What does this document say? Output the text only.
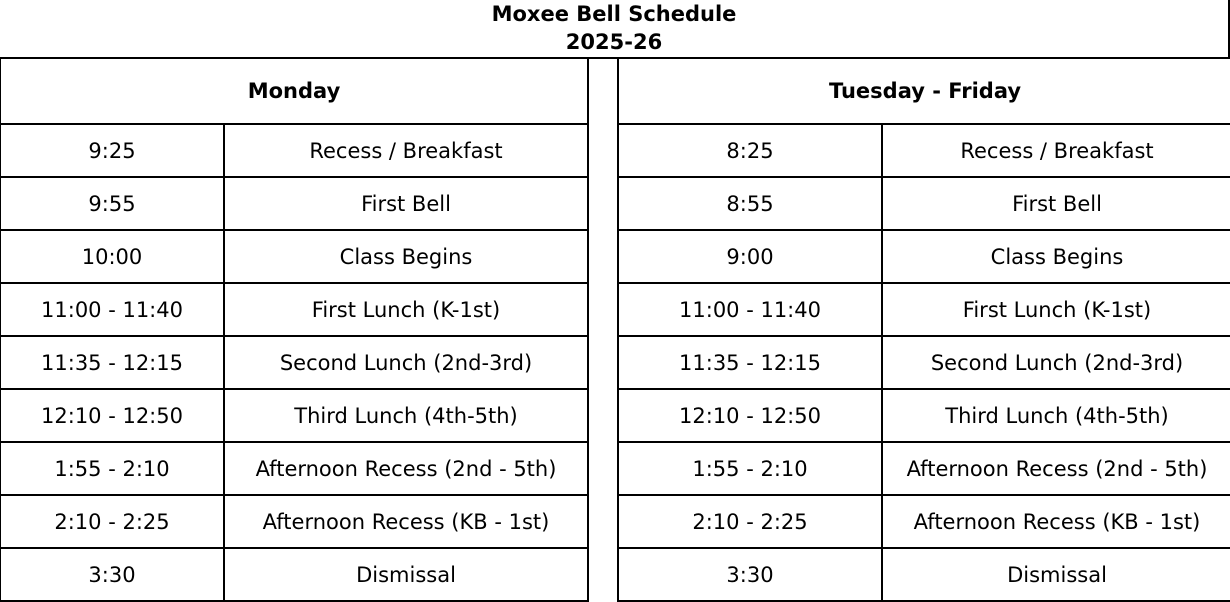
Moxee Bell Schedule
2025-26
Monday	
9:25	Recess / Breakfast
9:55	First Bell
10:00	Class Begins
11:00 - 11:40	First Lunch (K-1st)
11:35 - 12:15	Second Lunch (2nd-3rd)
12:10 - 12:50	Third Lunch (4th-5th)
1:55 - 2:10	Afternoon Recess (2nd - 5th)
2:10 - 2:25	Afternoon Recess (KB - 1st)
3:30	Dismissal
Tuesday - Friday	
8:25	Recess / Breakfast
8:55	First Bell
9:00	Class Begins
11:00 - 11:40	First Lunch (K-1st)
11:35 - 12:15	Second Lunch (2nd-3rd)
12:10 - 12:50	Third Lunch (4th-5th)
1:55 - 2:10	Afternoon Recess (2nd - 5th)
2:10 - 2:25	Afternoon Recess (KB - 1st)
3:30	Dismissal
